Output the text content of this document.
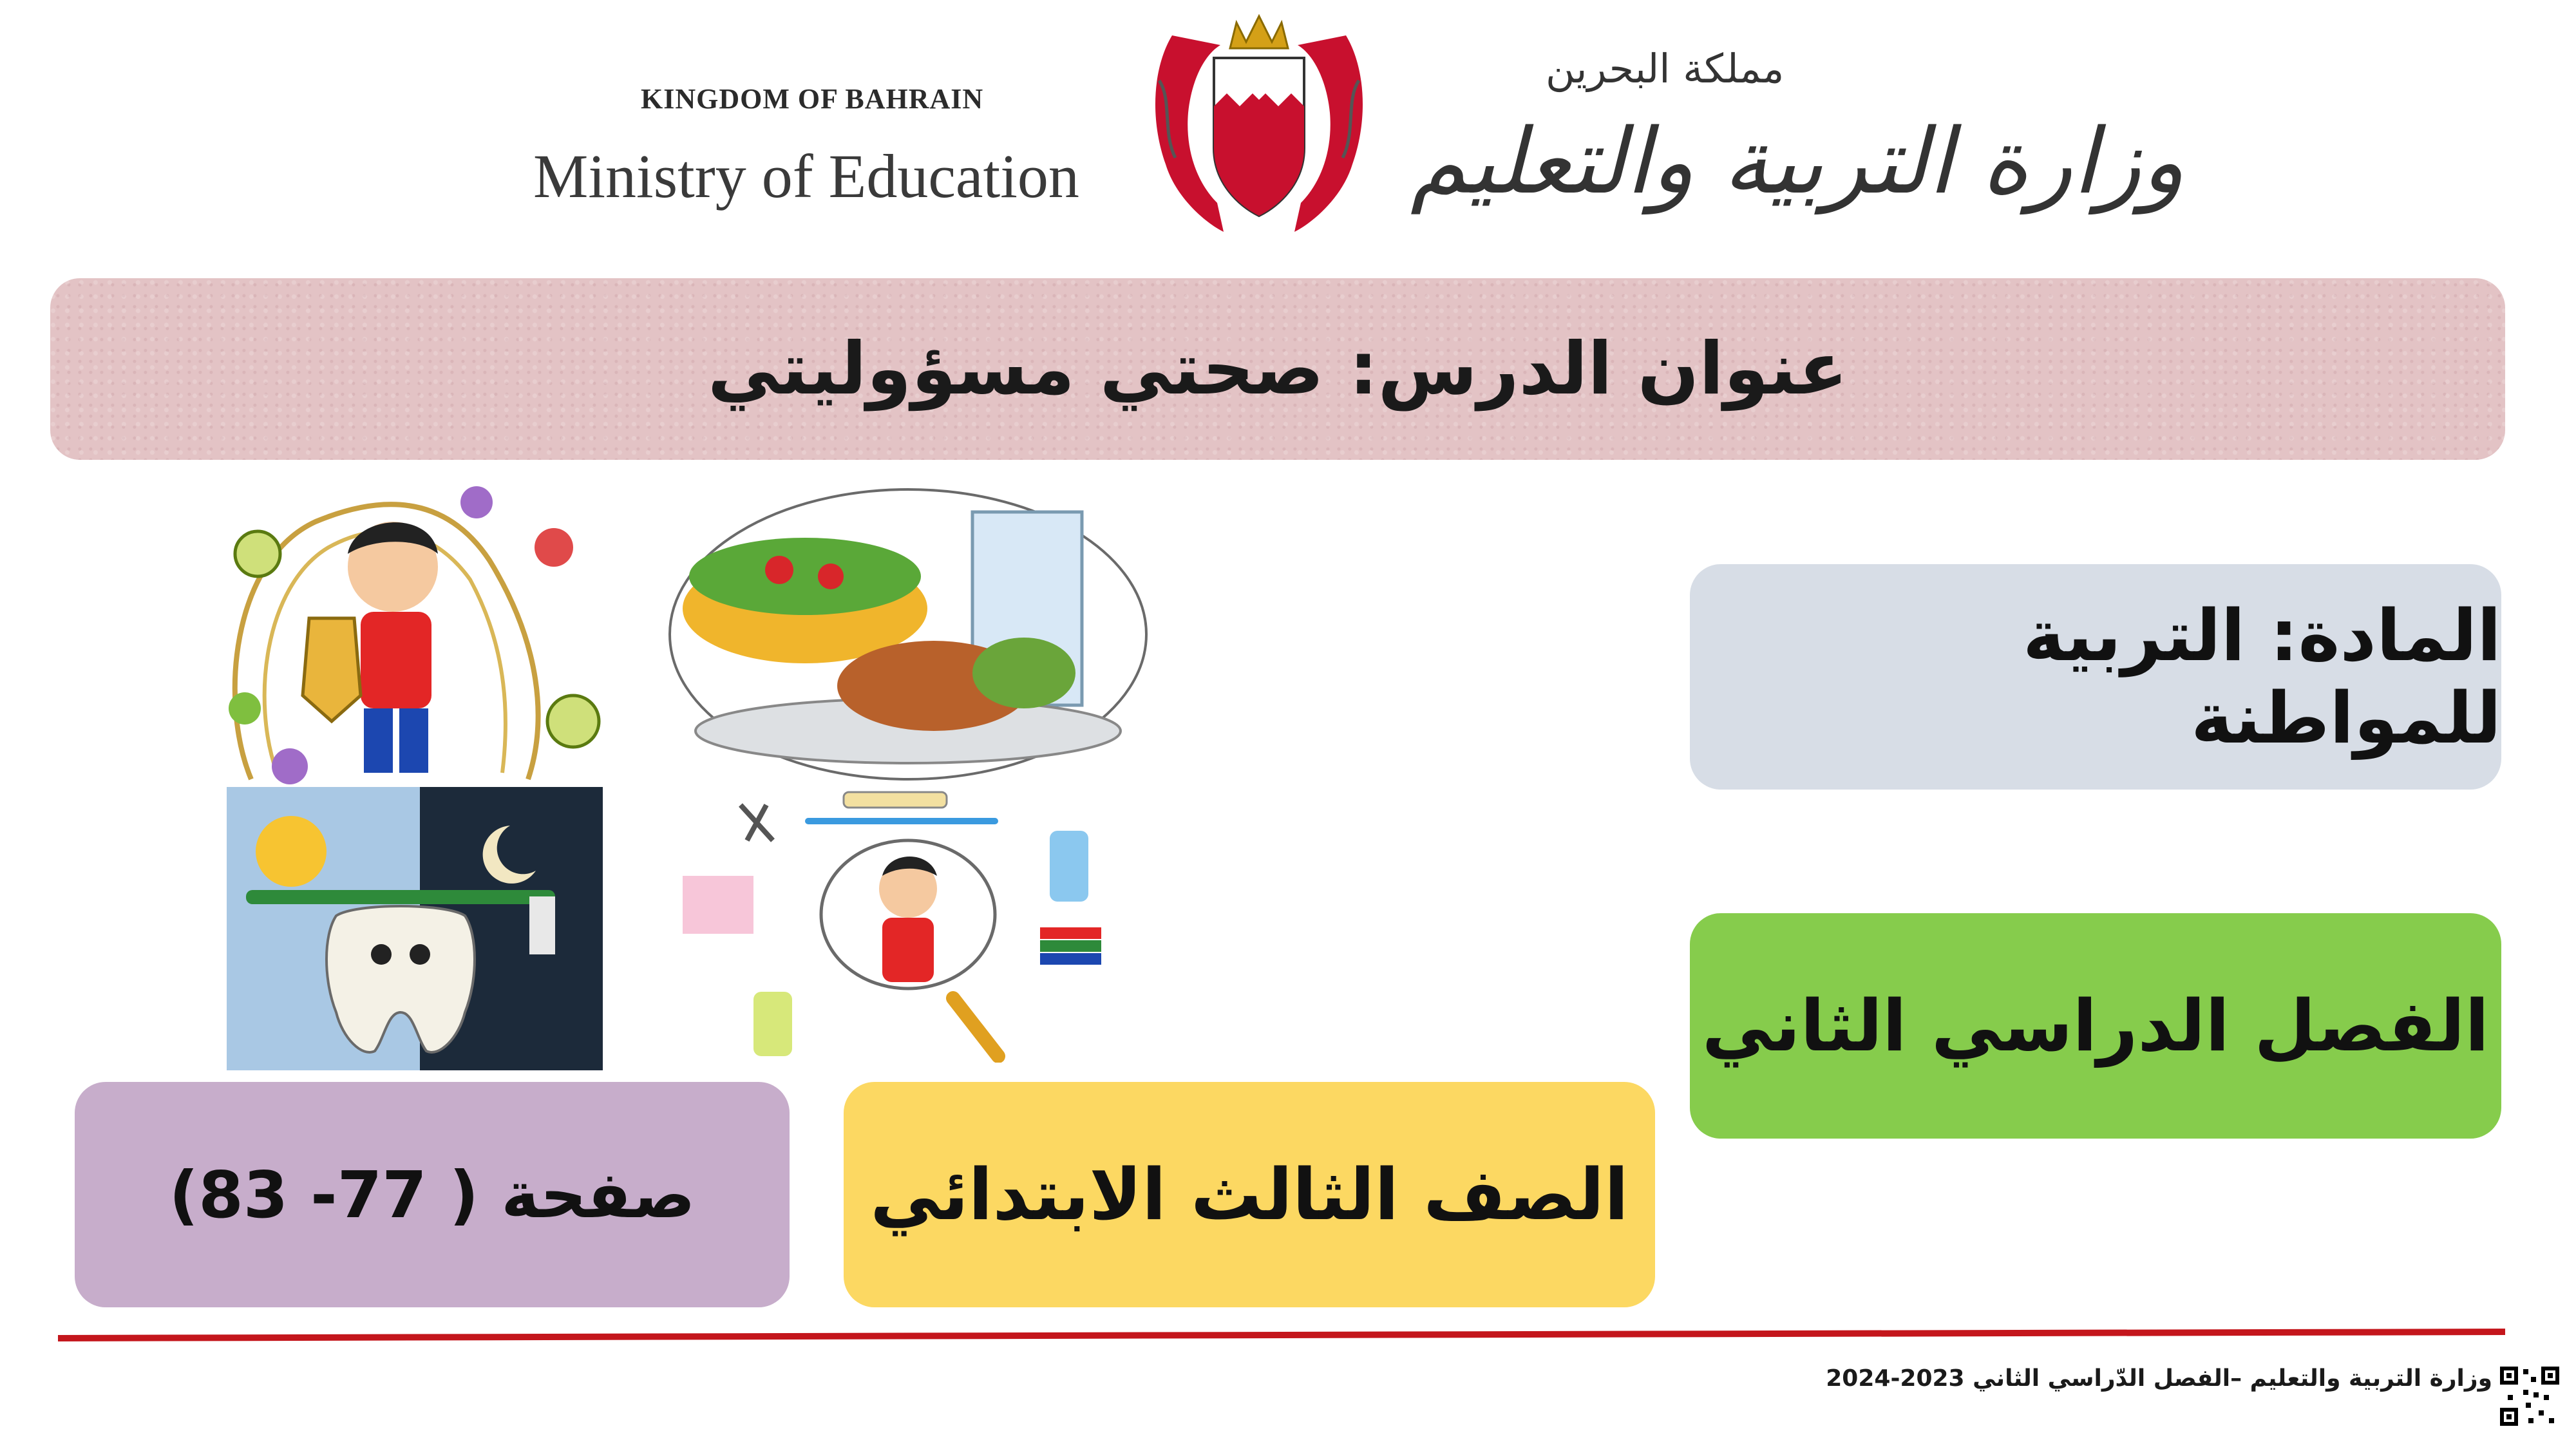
KINGDOM OF BAHRAIN
Ministry of Education
مملكة البحرين
وزارة التربية والتعليم
عنوان الدرس: صحتي مسؤوليتي
المادة: التربية للمواطنة
الفصل الدراسي الثاني
الصف الثالث الابتدائي
صفحة ( 77- 83)
وزارة التربية والتعليم –الفصل الدّراسي الثاني 2023-2024
